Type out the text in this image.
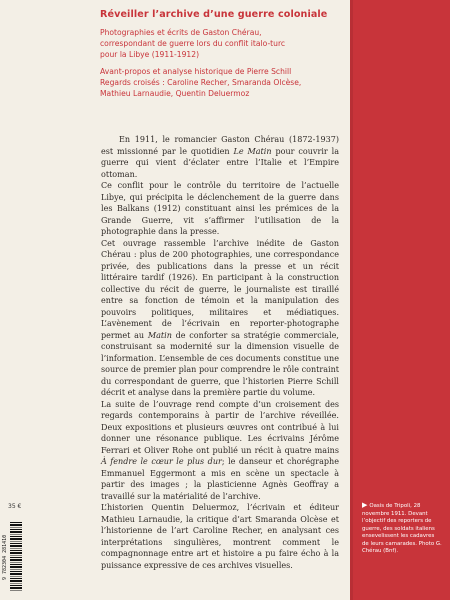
Réveiller l’archive d’une guerre coloniale
Photographies et écrits de Gaston Chérau,
correspondant de guerre lors du conflit italo-turc
pour la Libye (1911-1912)
Avant-propos et analyse historique de Pierre Schill
Regards croisés : Caroline Recher, Smaranda Olcèse,
Mathieu Larnaudie, Quentin Deluermoz

En 1911, le romancier Gaston Chérau (1872-1937) est missionné par le quotidien Le Matin pour couvrir la guerre qui vient d’éclater entre l’Italie et l’Empire ottoman.

Ce conflit pour le contrôle du territoire de l’actuelle Libye, qui précipita le déclenchement de la guerre dans les Balkans (1912) constituant ainsi les prémices de la Grande Guerre, vit s’affirmer l’utilisation de la photographie dans la presse.

Cet ouvrage rassemble l’archive inédite de Gaston Chérau : plus de 200 photographies, une correspondance privée, des publications dans la presse et un récit littéraire tardif (1926). En participant à la construction collective du récit de guerre, le journaliste est tiraillé entre sa fonction de témoin et la manipulation des pouvoirs politiques, militaires et médiatiques. L’avènement de l’écrivain en reporter-photographe permet au Matin de conforter sa stratégie commerciale, construisant sa modernité sur la dimension visuelle de l’information. L’ensemble de ces documents constitue une source de premier plan pour comprendre le rôle contraint du correspondant de guerre, que l’historien Pierre Schill décrit et analyse dans la première partie du volume.

La suite de l’ouvrage rend compte d’un croisement des regards contemporains à partir de l’archive réveillée. Deux expositions et plusieurs œuvres ont contribué à lui donner une résonance publique. Les écrivains Jérôme Ferrari et Oliver Rohe ont publié un récit à quatre mains À fendre le cœur le plus dur; le danseur et chorégraphe Emmanuel Eggermont a mis en scène un spectacle à partir des images ; la plasticienne Agnès Geoffray a travaillé sur la matérialité de l’archive.

L’historien Quentin Deluermoz, l’écrivain et éditeur Mathieu Larnaudie, la critique d’art Smaranda Olcèse et l’historienne de l’art Caroline Recher, en analysant ces interprétations singulières, montrent comment le compagnonnage entre art et histoire a pu faire écho à la puissance expressive de ces archives visuelles.

▶ Oasis de Tripoli, 28 novembre 1911. Devant l’objectif des reporters de guerre, des soldats italiens ensevelissent les cadavres de leurs camarades. Photo G. Chérau (Bnf).
35 €
9 782304 281410
